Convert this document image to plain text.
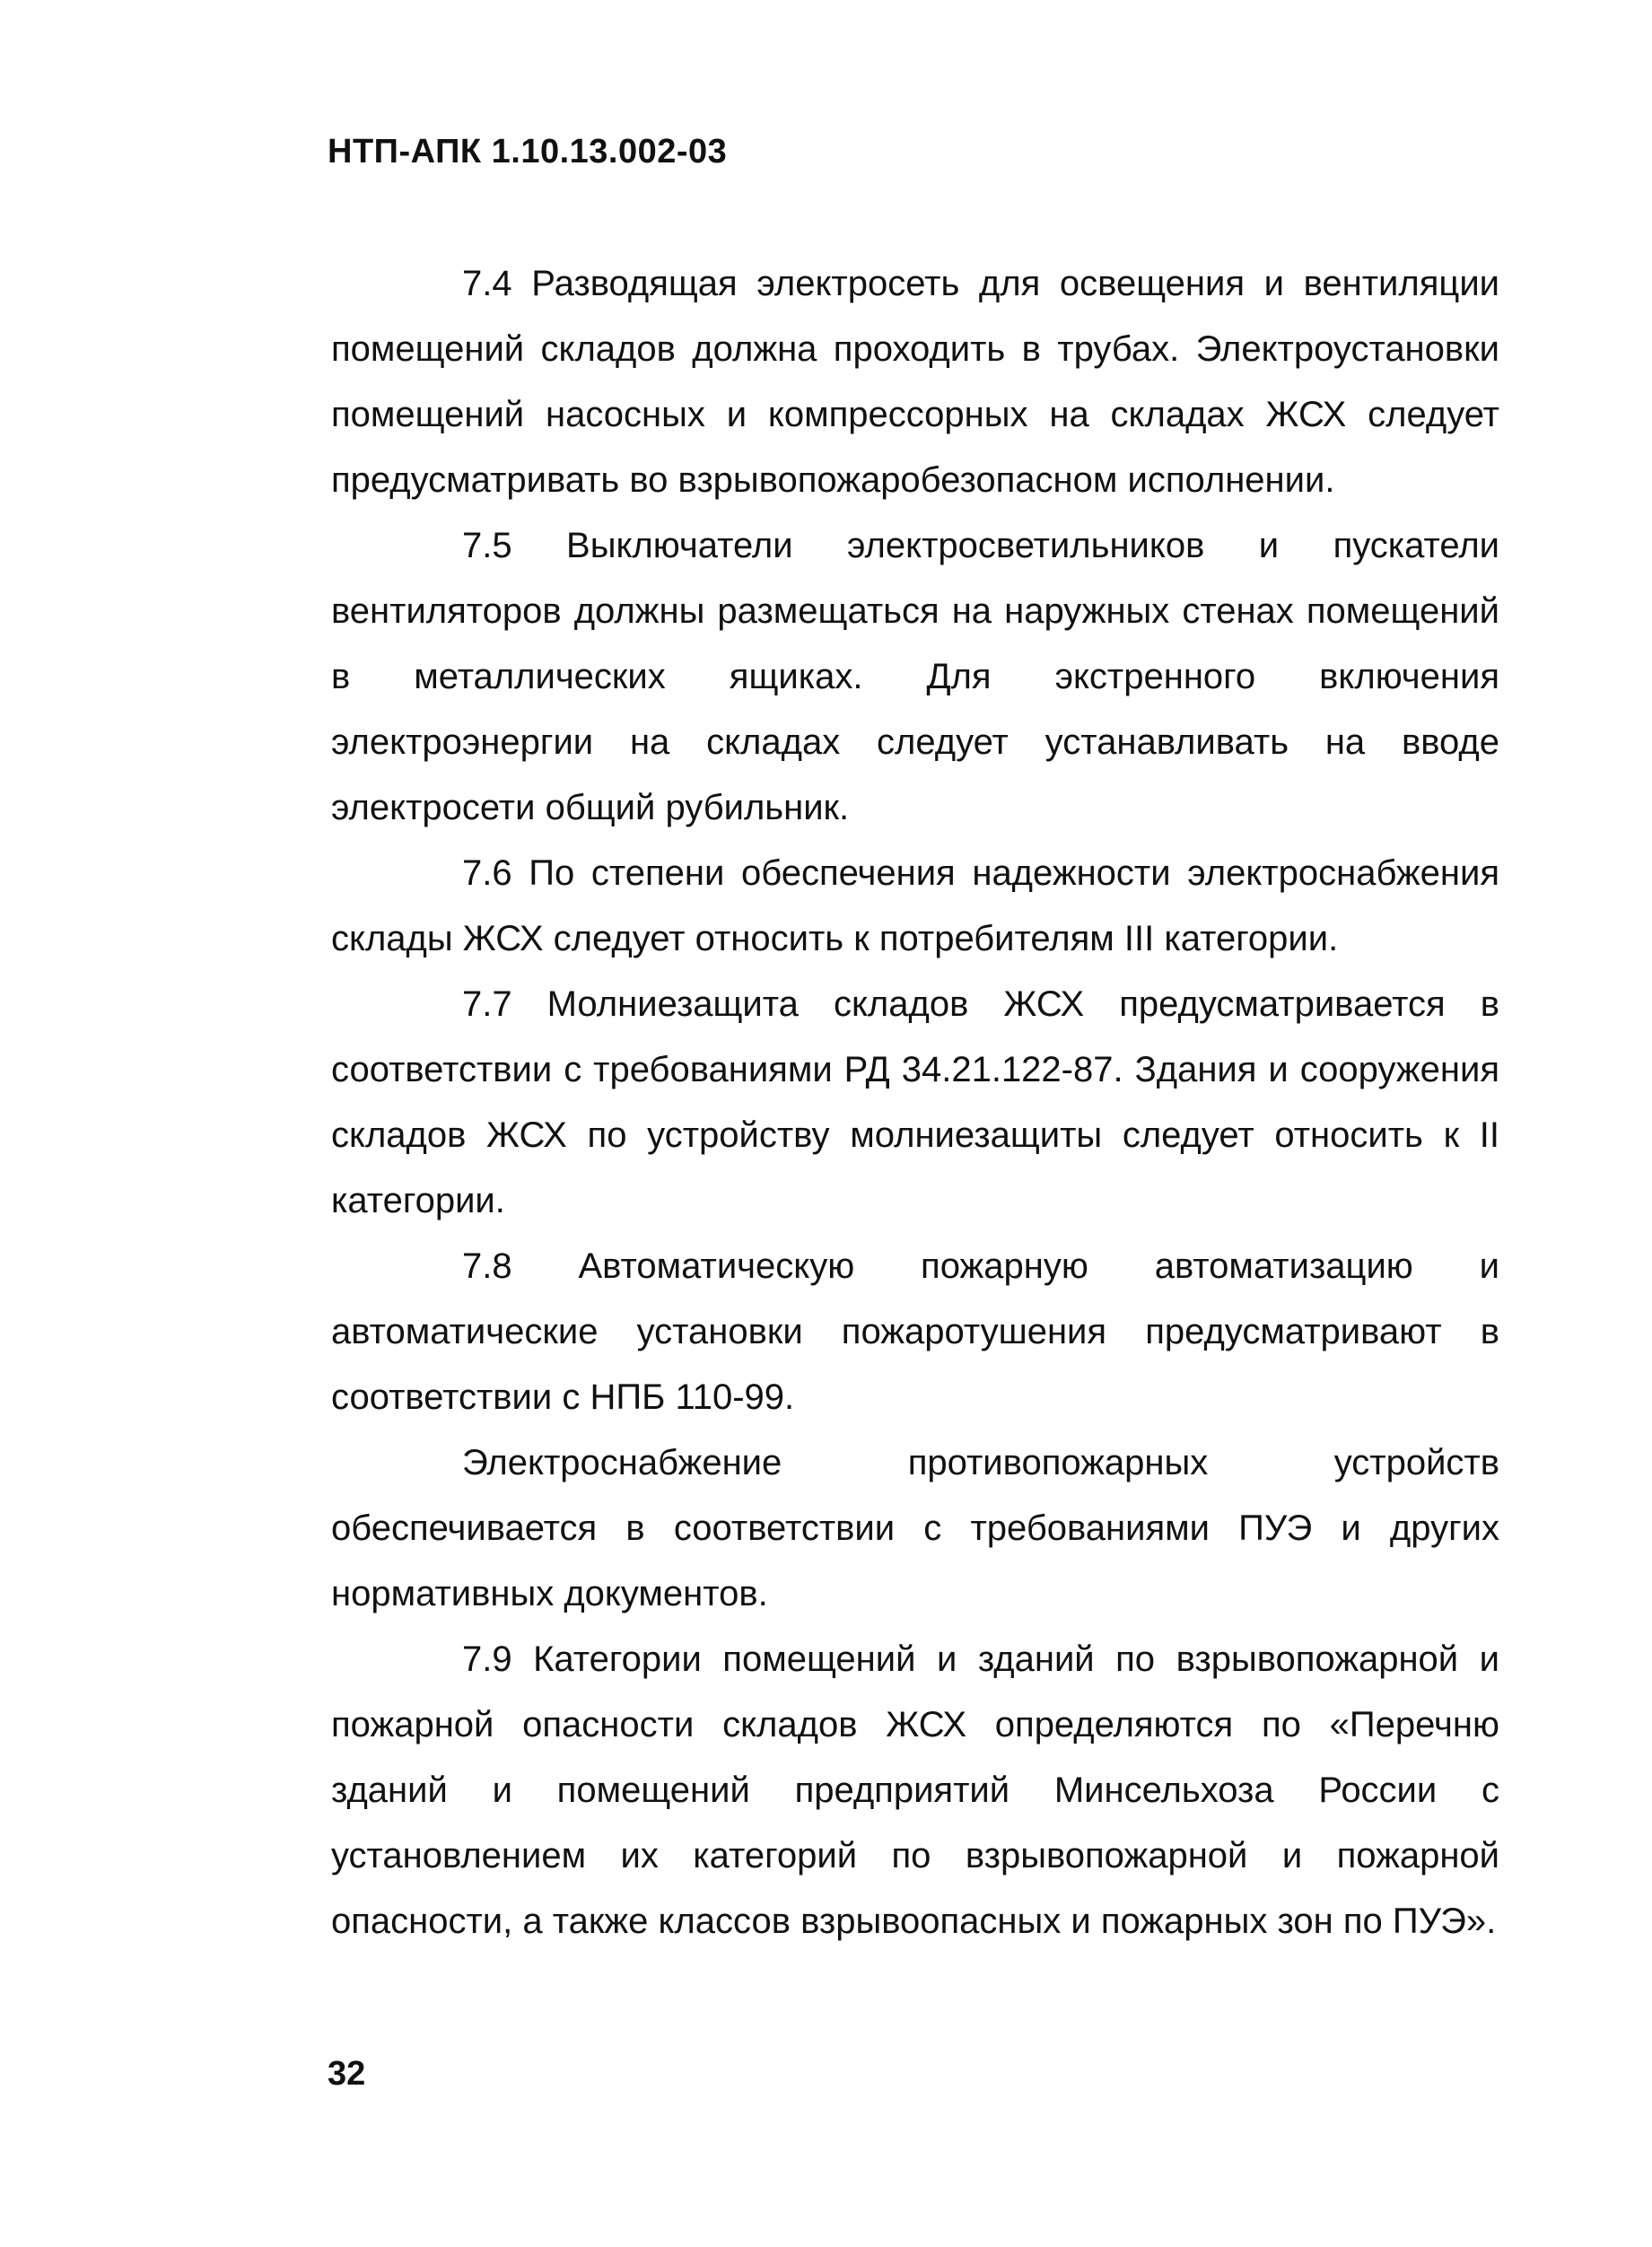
НТП-АПК 1.10.13.002-03

7.4 Разводящая электросеть для освещения и вентиляции помещений складов должна проходить в трубах. Электроустановки помещений насосных и компрессорных на складах ЖСХ следует предусматривать во взрывопожаробезопасном исполнении.

7.5 Выключатели электросветильников и пускатели вентиляторов должны размещаться на наружных стенах помещений в металлических ящиках. Для экстренного включения электроэнергии на складах следует устанавливать на вводе электросети общий рубильник.

7.6 По степени обеспечения надежности электроснабжения склады ЖСХ следует относить к потребителям III категории.

7.7 Молниезащита складов ЖСХ предусматривается в соответствии с требованиями РД 34.21.122-87. Здания и сооружения складов ЖСХ по устройству молниезащиты следует относить к II категории.

7.8 Автоматическую пожарную автоматизацию и автоматические установки пожаротушения предусматривают в соответствии с НПБ 110-99.

Электроснабжение противопожарных устройств обеспечивается в соответствии с требованиями ПУЭ и других нормативных документов.

7.9 Категории помещений и зданий по взрывопожарной и пожарной опасности складов ЖСХ определяются по «Перечню зданий и помещений предприятий Минсельхоза России с установлением их категорий по взрывопожарной и пожарной опасности, а также классов взрывоопасных и пожарных зон по ПУЭ».

32
